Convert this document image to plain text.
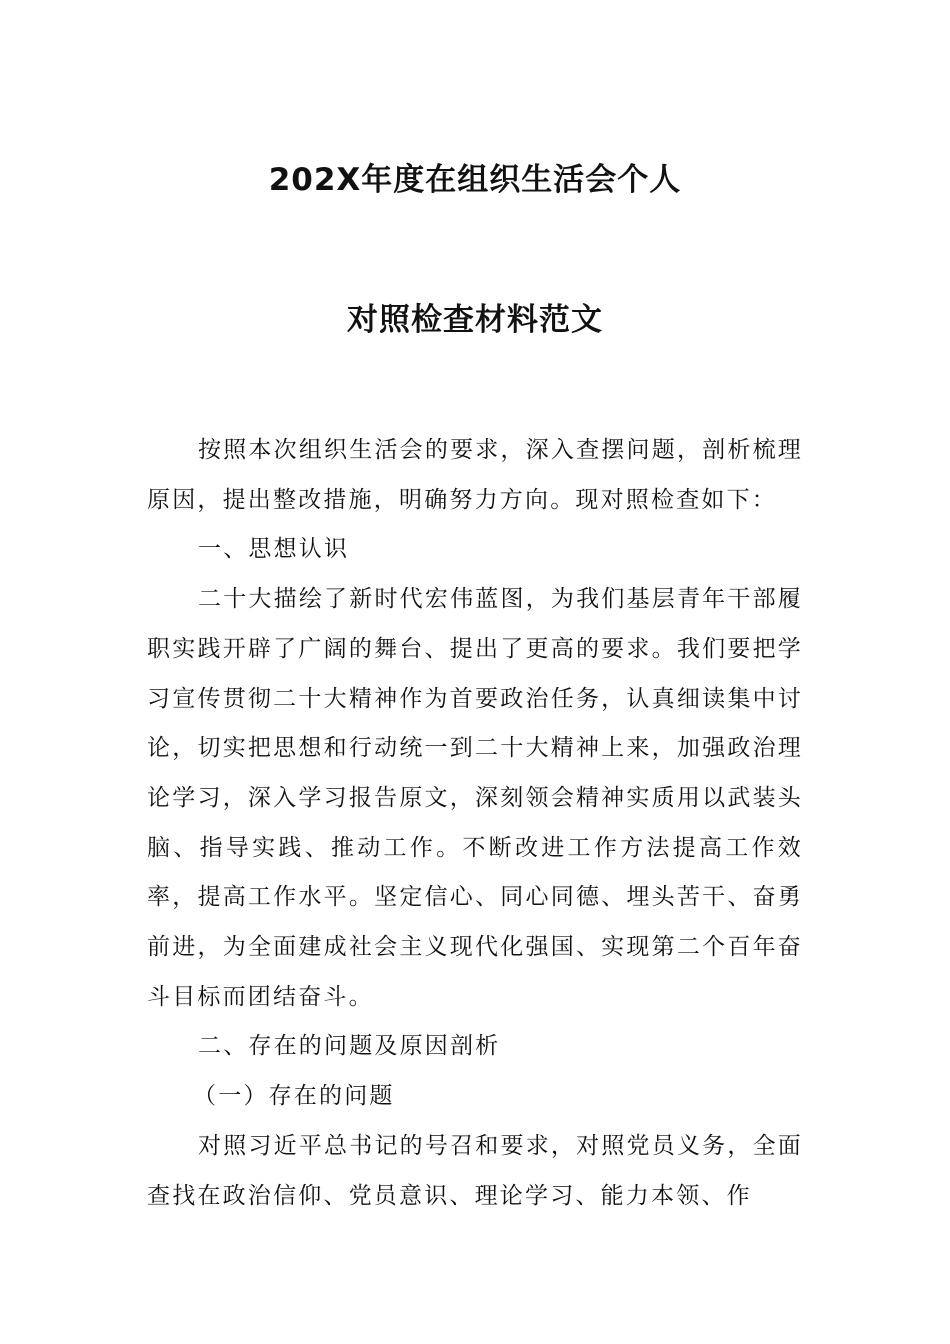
202X年度在组织生活会个人
对照检查材料范文

按照本次组织生活会的要求，深入查摆问题，剖析梳理原因，提出整改措施，明确努力方向。现对照检查如下：

一、思想认识

二十大描绘了新时代宏伟蓝图，为我们基层青年干部履职实践开辟了广阔的舞台、提出了更高的要求。我们要把学习宣传贯彻二十大精神作为首要政治任务，认真细读集中讨论，切实把思想和行动统一到二十大精神上来，加强政治理论学习，深入学习报告原文，深刻领会精神实质用以武装头脑、指导实践、推动工作。不断改进工作方法提高工作效率，提高工作水平。坚定信心、同心同德、埋头苦干、奋勇前进，为全面建成社会主义现代化强国、实现第二个百年奋斗目标而团结奋斗。

二、存在的问题及原因剖析

（一）存在的问题

对照习近平总书记的号召和要求，对照党员义务，全面查找在政治信仰、党员意识、理论学习、能力本领、作
